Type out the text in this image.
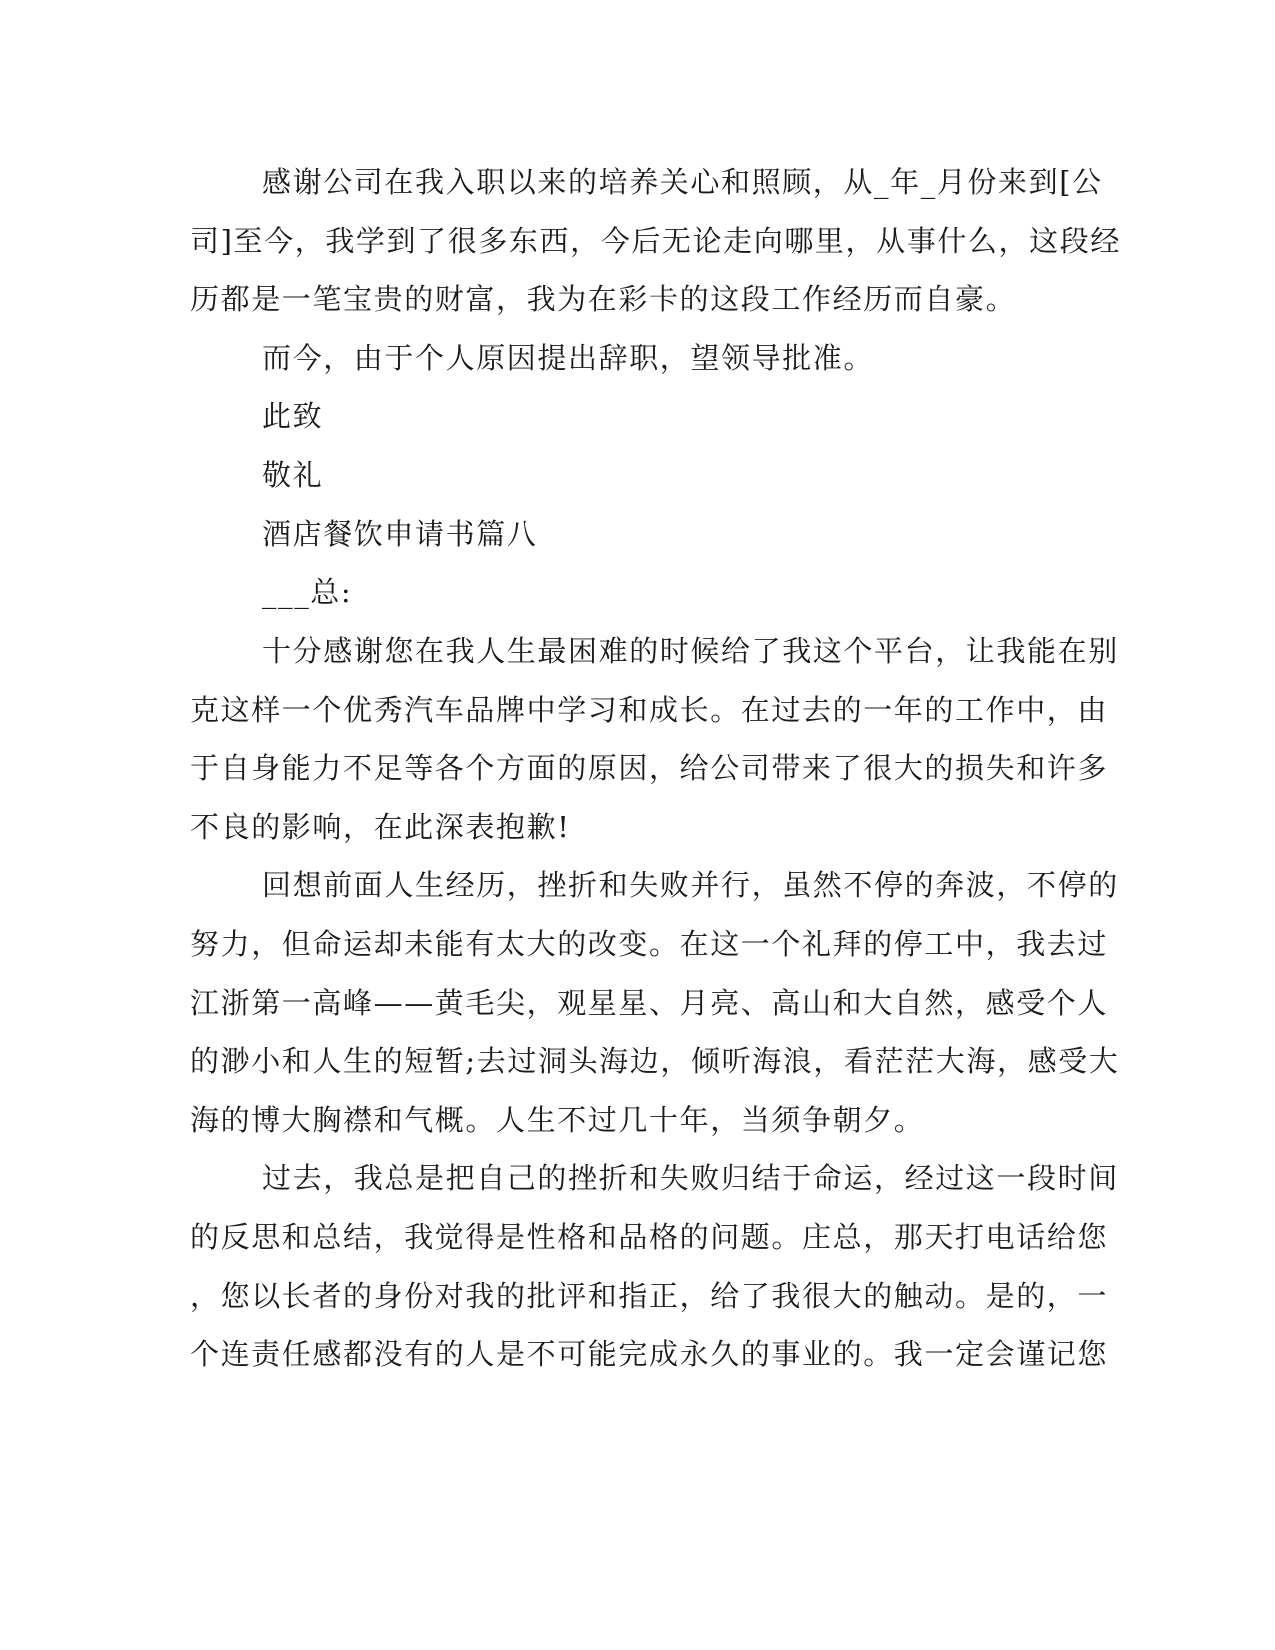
感谢公司在我入职以来的培养关心和照顾，从_年_月份来到[公
司]至今，我学到了很多东西，今后无论走向哪里，从事什么，这段经
历都是一笔宝贵的财富，我为在彩卡的这段工作经历而自豪。
而今，由于个人原因提出辞职，望领导批准。
此致
敬礼
酒店餐饮申请书篇八
___总:
十分感谢您在我人生最困难的时候给了我这个平台，让我能在别
克这样一个优秀汽车品牌中学习和成长。在过去的一年的工作中，由
于自身能力不足等各个方面的原因，给公司带来了很大的损失和许多
不良的影响，在此深表抱歉!
回想前面人生经历，挫折和失败并行，虽然不停的奔波，不停的
努力，但命运却未能有太大的改变。在这一个礼拜的停工中，我去过
江浙第一高峰——黄毛尖，观星星、月亮、高山和大自然，感受个人
的渺小和人生的短暂;去过洞头海边，倾听海浪，看茫茫大海，感受大
海的博大胸襟和气概。人生不过几十年，当须争朝夕。
过去，我总是把自己的挫折和失败归结于命运，经过这一段时间
的反思和总结，我觉得是性格和品格的问题。庄总，那天打电话给您
，您以长者的身份对我的批评和指正，给了我很大的触动。是的，一
个连责任感都没有的人是不可能完成永久的事业的。我一定会谨记您
